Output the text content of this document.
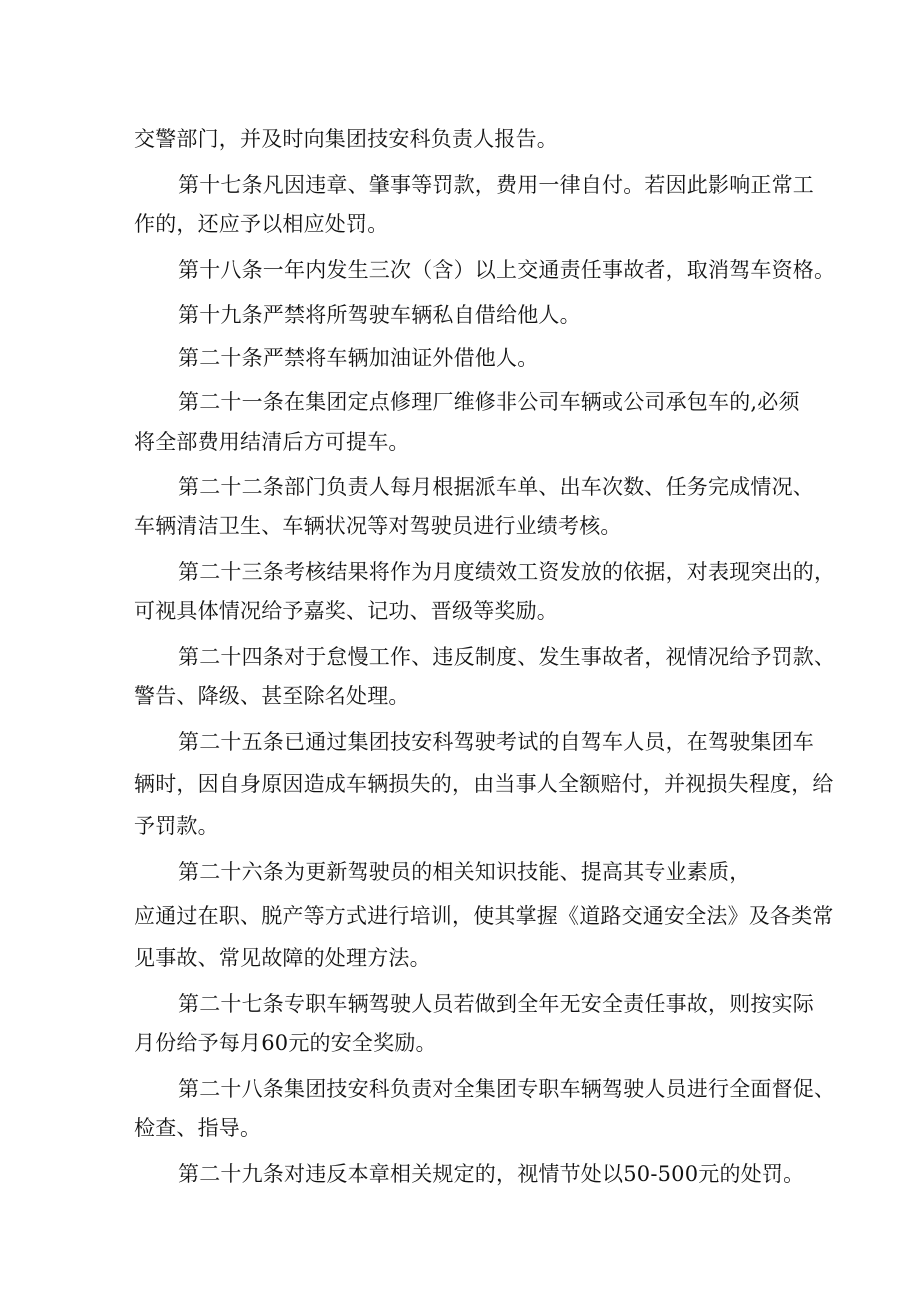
交警部门，并及时向集团技安科负责人报告。
第十七条凡因违章、肇事等罚款，费用一律自付。若因此影响正常工
作的，还应予以相应处罚。
第十八条一年内发生三次（含）以上交通责任事故者，取消驾车资格。
第十九条严禁将所驾驶车辆私自借给他人。
第二十条严禁将车辆加油证外借他人。
第二十一条在集团定点修理厂维修非公司车辆或公司承包车的,必须
将全部费用结清后方可提车。
第二十二条部门负责人每月根据派车单、出车次数、任务完成情况、
车辆清洁卫生、车辆状况等对驾驶员进行业绩考核。
第二十三条考核结果将作为月度绩效工资发放的依据，对表现突出的，
可视具体情况给予嘉奖、记功、晋级等奖励。
第二十四条对于怠慢工作、违反制度、发生事故者，视情况给予罚款、
警告、降级、甚至除名处理。
第二十五条已通过集团技安科驾驶考试的自驾车人员，在驾驶集团车
辆时，因自身原因造成车辆损失的，由当事人全额赔付，并视损失程度，给
予罚款。
第二十六条为更新驾驶员的相关知识技能、提高其专业素质，
应通过在职、脱产等方式进行培训，使其掌握《道路交通安全法》及各类常
见事故、常见故障的处理方法。
第二十七条专职车辆驾驶人员若做到全年无安全责任事故，则按实际
月份给予每月60元的安全奖励。
第二十八条集团技安科负责对全集团专职车辆驾驶人员进行全面督促、
检查、指导。
第二十九条对违反本章相关规定的，视情节处以50-500元的处罚。
